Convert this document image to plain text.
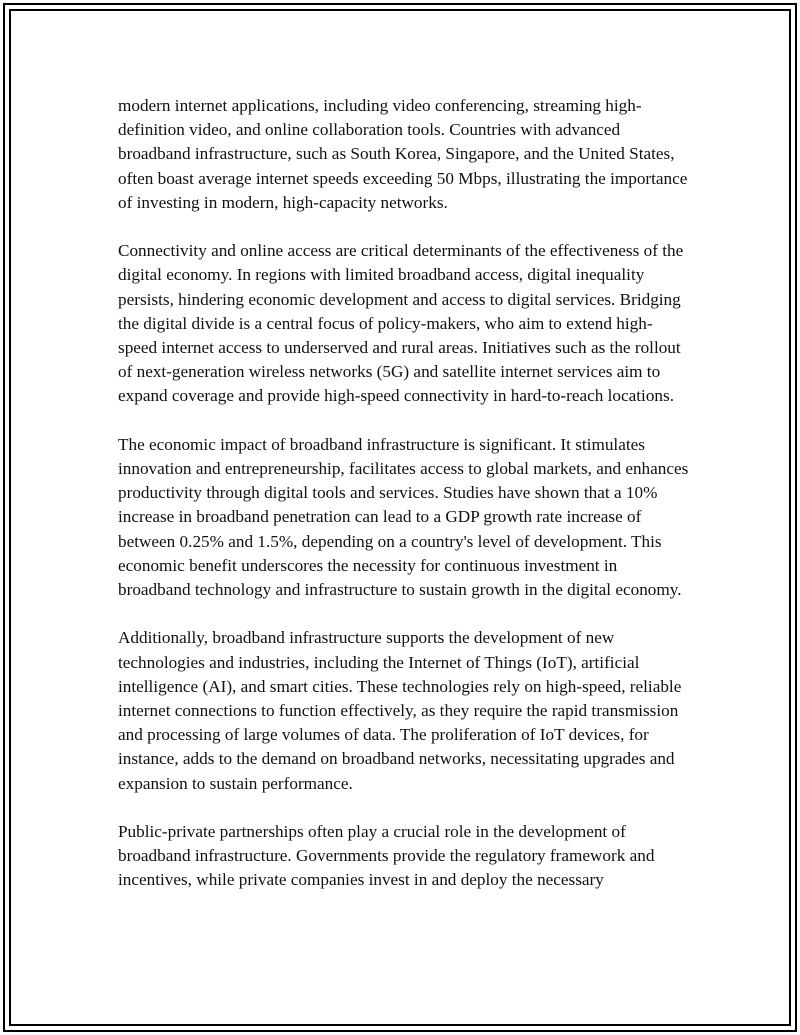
modern internet applications, including video conferencing, streaming high-definition video, and online collaboration tools. Countries with advanced broadband infrastructure, such as South Korea, Singapore, and the United States, often boast average internet speeds exceeding 50 Mbps, illustrating the importance of investing in modern, high-capacity networks.

Connectivity and online access are critical determinants of the effectiveness of the digital economy. In regions with limited broadband access, digital inequality persists, hindering economic development and access to digital services. Bridging the digital divide is a central focus of policy-makers, who aim to extend high-speed internet access to underserved and rural areas. Initiatives such as the rollout of next-generation wireless networks (5G) and satellite internet services aim to expand coverage and provide high-speed connectivity in hard-to-reach locations.

The economic impact of broadband infrastructure is significant. It stimulates innovation and entrepreneurship, facilitates access to global markets, and enhances productivity through digital tools and services. Studies have shown that a 10% increase in broadband penetration can lead to a GDP growth rate increase of between 0.25% and 1.5%, depending on a country's level of development. This economic benefit underscores the necessity for continuous investment in broadband technology and infrastructure to sustain growth in the digital economy.

Additionally, broadband infrastructure supports the development of new technologies and industries, including the Internet of Things (IoT), artificial intelligence (AI), and smart cities. These technologies rely on high-speed, reliable internet connections to function effectively, as they require the rapid transmission and processing of large volumes of data. The proliferation of IoT devices, for instance, adds to the demand on broadband networks, necessitating upgrades and expansion to sustain performance.

Public-private partnerships often play a crucial role in the development of broadband infrastructure. Governments provide the regulatory framework and incentives, while private companies invest in and deploy the necessary
